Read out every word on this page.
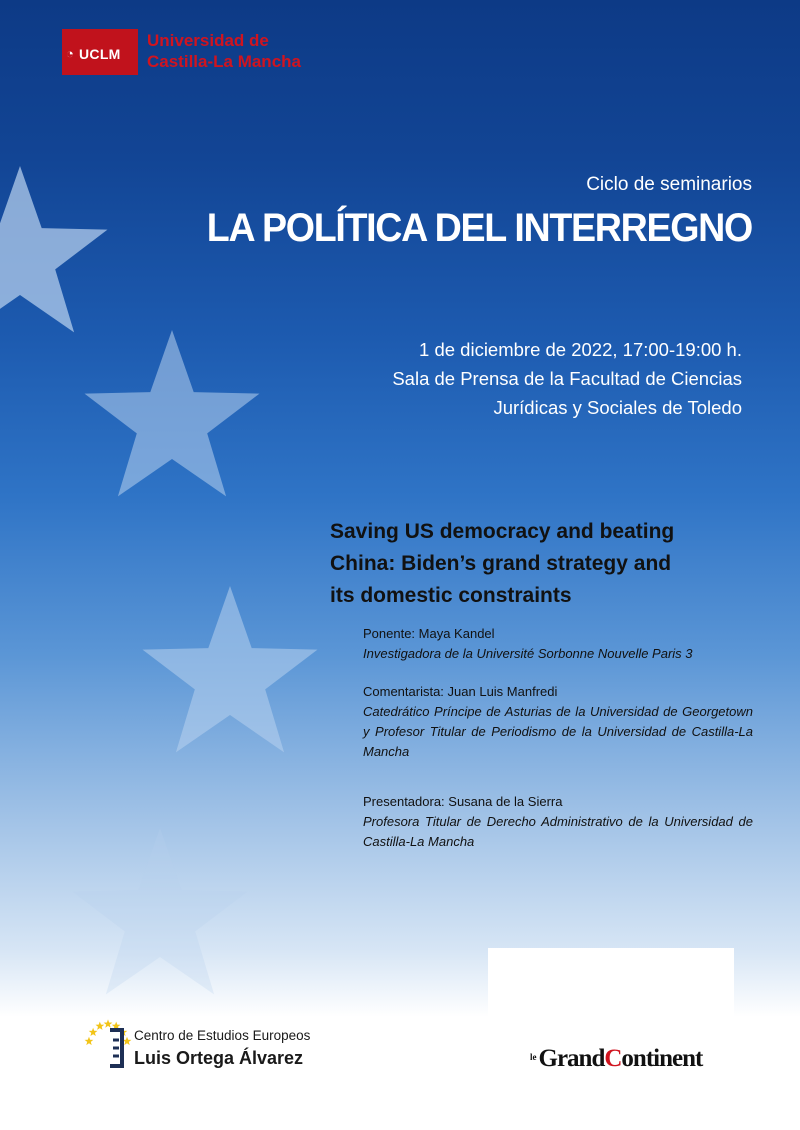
◔ UCLM
Universidad de
Castilla-La Mancha
Ciclo de seminarios
LA POLÍTICA DEL INTERREGNO
1 de diciembre de 2022, 17:00-19:00 h.
Sala de Prensa de la Facultad de Ciencias
Jurídicas y Sociales de Toledo
Saving US democracy and beating
China: Biden’s grand strategy and
its domestic constraints
Ponente: Maya Kandel
Investigadora de la Université Sorbonne Nouvelle Paris 3
Comentarista: Juan Luis Manfredi
Catedrático Príncipe de Asturias de la Universidad de Georgetown y Profesor Titular de Periodismo de la Universidad de Castilla-La Mancha
Presentadora: Susana de la Sierra
Profesora Titular de Derecho Administrativo de la Universidad de Castilla-La Mancha
Centro de Estudios Europeos
Luis Ortega Álvarez	$^{le}$GrandContinent
